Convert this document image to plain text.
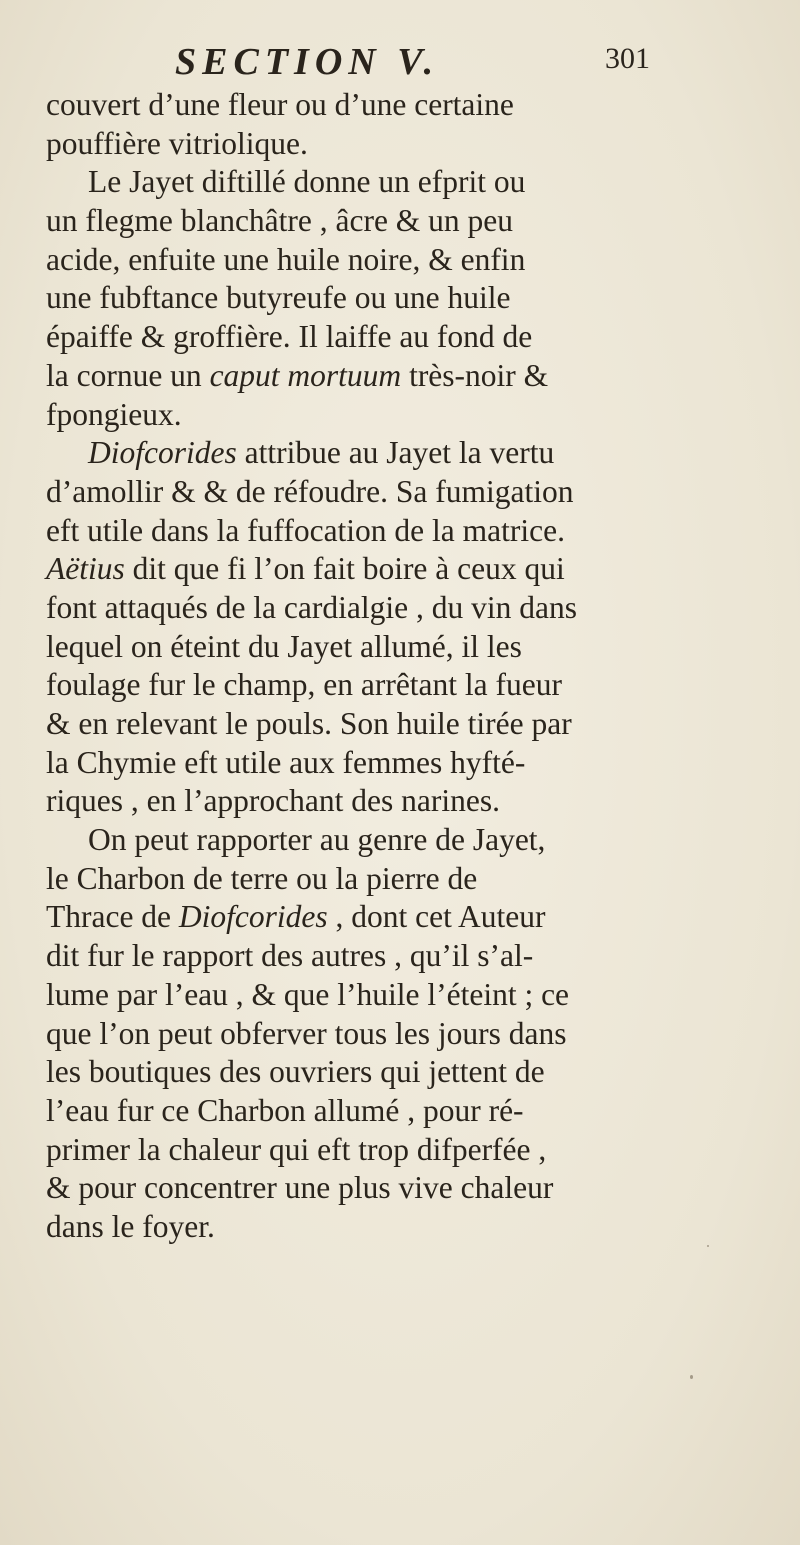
SECTION V.	301
couvert d’une fleur ou d’une certaine
pouffière vitriolique.
Le Jayet diftillé donne un efprit ou
un flegme blanchâtre , âcre & un peu
acide, enfuite une huile noire, & enfin
une fubftance butyreufe ou une huile
épaiffe & groffière. Il laiffe au fond de
la cornue un caput mortuum très-noir &
fpongieux.
Diofcorides attribue au Jayet la vertu
d’amollir & & de réfoudre. Sa fumigation
eft utile dans la fuffocation de la matrice.
Aëtius dit que fi l’on fait boire à ceux qui
font attaqués de la cardialgie , du vin dans
lequel on éteint du Jayet allumé, il les
foulage fur le champ, en arrêtant la fueur
& en relevant le pouls. Son huile tirée par
la Chymie eft utile aux femmes hyfté-
riques , en l’approchant des narines.
On peut rapporter au genre de Jayet,
le Charbon de terre ou la pierre de
Thrace de Diofcorides , dont cet Auteur
dit fur le rapport des autres , qu’il s’al-
lume par l’eau , & que l’huile l’éteint ; ce
que l’on peut obferver tous les jours dans
les boutiques des ouvriers qui jettent de
l’eau fur ce Charbon allumé , pour ré-
primer la chaleur qui eft trop difperfée ,
& pour concentrer une plus vive chaleur
dans le foyer.
